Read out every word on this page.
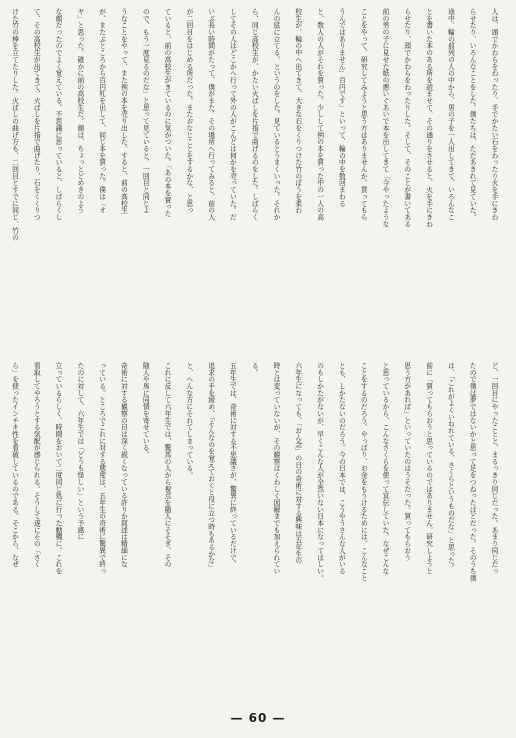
人は、頭でかわらをわったり、手でかたい石をわったり火を手にきわ
らせたり、いろんなことをした。僕たちは、ただあきれて見ていた。
途中、輪の前列の人の中から、男の子を一人出してきて、いろんなこ
とを書いた本のある所を読ませて、その通りをさせると、火を手にきわ
らせたり、頭でかわらをわったりした。そして、そのことが書いてある
前の男の子に見せた紙の悪いぐあいで本を出してきて「今やったような
ことをやって、研究してみようと思う方はありませんか。買ってもら
うんではありません」百円です」といって、輪の中を数回まわる
と、数人の人がそれを買った。少しして例の本を買った中の一人の高
校生が、輪の中へ出てきて、大きな石をくりつけた竹のぼうを柔わ
んの底に立てる。というのをした。見ているとうまくいった。それか
ら、同じ高校生が、かたい火ばしを片指で曲げるのをした。しばらく
してその人はどこかへ行って外の人がこんどは何かを売っていた。だ
いぶ長い時間がたって、僕がまた、その場所へ行ってみると、前の人
が二回目をはじめる所だった。またおなじことをするかな、と思っ
ていると、前の高校生がきているのに気がついた。「あの本を買った
ので、もう一度見るのだな」と思って見ていると、一回目と同じよ
うなことをやって、また例の本を売り出した。すると、前の高校生
が、またぶところから百円札を出して、同じ本を買った。僕は「オ
ヤ」と思った。確かに前の高校生だ。顔は、ちょっとどめきのよう
な顔だったのでよく覚えている。不思議に思っていると、しばらくし
て、その高校生が出てきて、火ばしを片指で曲げたり、石をくくりつ
けた竹の棒を立てたりした。火ばしの曲げ方も、二回目とすでに同じ、竹の
ど、一回目にやったことと、まるっきり同じだった。あまり同じだっ
たので僕は夢ではないかと思って足をつねったほどだった。そのうち僕
は、「これがよくいわれている、さくらというものだな」と思った。
前に「買ってもらおうと思っているのではありません。研究しようと
思う方があれば」といっていたのはうそだった。買ってもらおう
と思っているから、こんなさくらを使って宣伝していた。なぜこんな
ことをするのだろう。やっぱり、お金をもうけるためには、こんなこと
とも、しかたないのだろう。今の日本では、こうやうさんな人がいる
のもしかたがないが、早くこんな人が全然いない日本になってほしい。
六年生になっても、「おん念」の日の奇術に対する興味は五年生の
時とは変っていないが、その観察はくわしく図解までも加えられてい
る。
五年生では、奇術に対する不思議さが、驚異に終っているだけで、
追求の手を緩め、「そんなのを覚えておくと役に立つ時もあるかな」
と、へんな方にそれてしまっている。
これに反して六年生では、驚馬の人から視点を随人にそそぎ、その
随人や馬に同情を寄せている。
奇術に対する観察の目は深く鋭くなっている許りか叙述は精細にな
っている。ところでこれに対する態度は、五年生の奇術に驚異で終っ
たのに対して、六年生では「どうも怪しい」という予感に
立っているらしく、時間をおいて二度同じ処に行った動機に、これを
看取してやろうとする気配が感じられる。そうして遂にその「さく
ら」を使ったインチキ性を看破しているのである。そこから、なぜ
— 60 —
